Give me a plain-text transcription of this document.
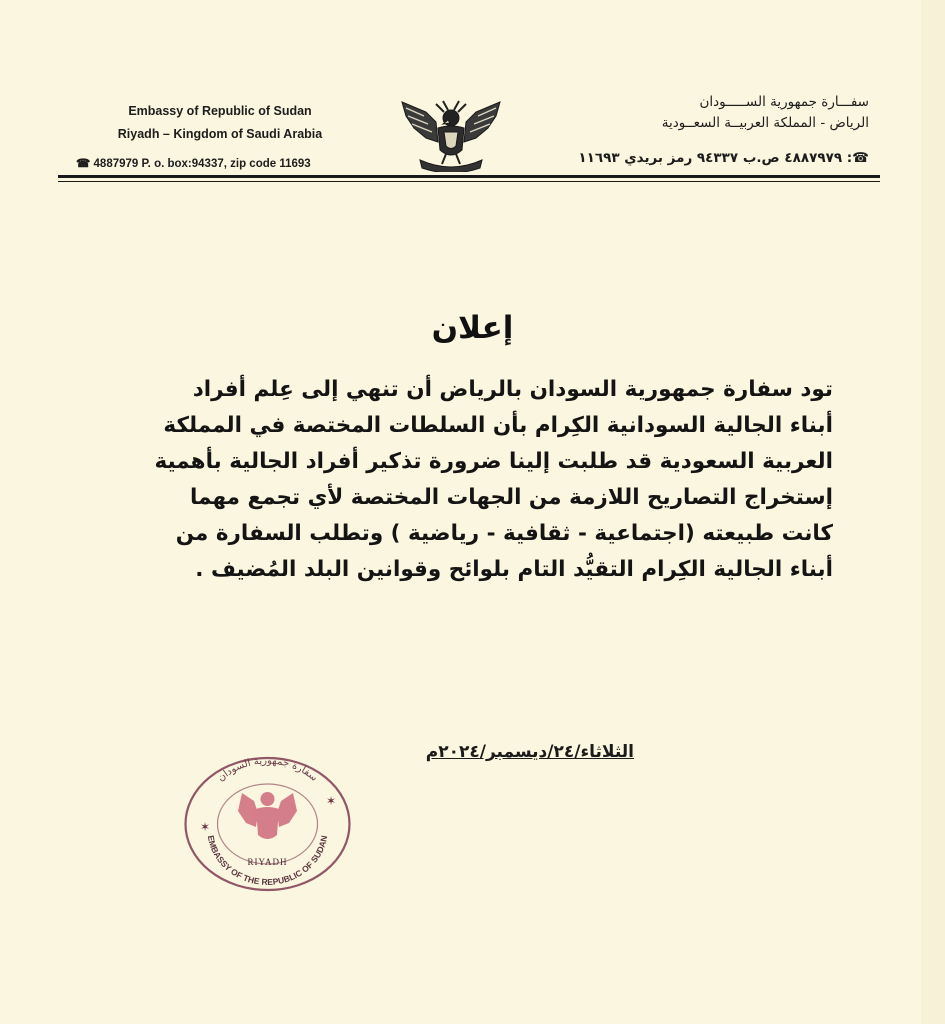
Embassy of Republic of Sudan
Riyadh – Kingdom of Saudi Arabia
☎ 4887979 P. o. box:94337, zip code 11693
سفـــارة جمهورية الســـــودان
الرياض - المملكة العربيــة السعــودية
☎: ٤٨٨٧٩٧٩ ص.ب ٩٤٣٣٧ رمز بريدي ١١٦٩٣
إعلان
تود سفارة جمهورية السودان بالرياض أن تنهي إلى عِلم أفراد
أبناء الجالية السودانية الكِرام بأن السلطات المختصة في المملكة
العربية السعودية قد طلبت إلينا ضرورة تذكير أفراد الجالية بأهمية
إستخراج التصاريح اللازمة من الجهات المختصة لأي تجمع مهما
كانت طبيعته (اجتماعية - ثقافية - رياضية ) وتطلب السفارة من
أبناء الجالية الكِرام التقيُّد التام بلوائح وقوانين البلد المُضيف .
الثلاثاء/٢٤/ديسمبر/٢٠٢٤م
سفارة جمهورية السودان
EMBASSY OF THE REPUBLIC OF SUDAN
RIYADH
✶
✶
